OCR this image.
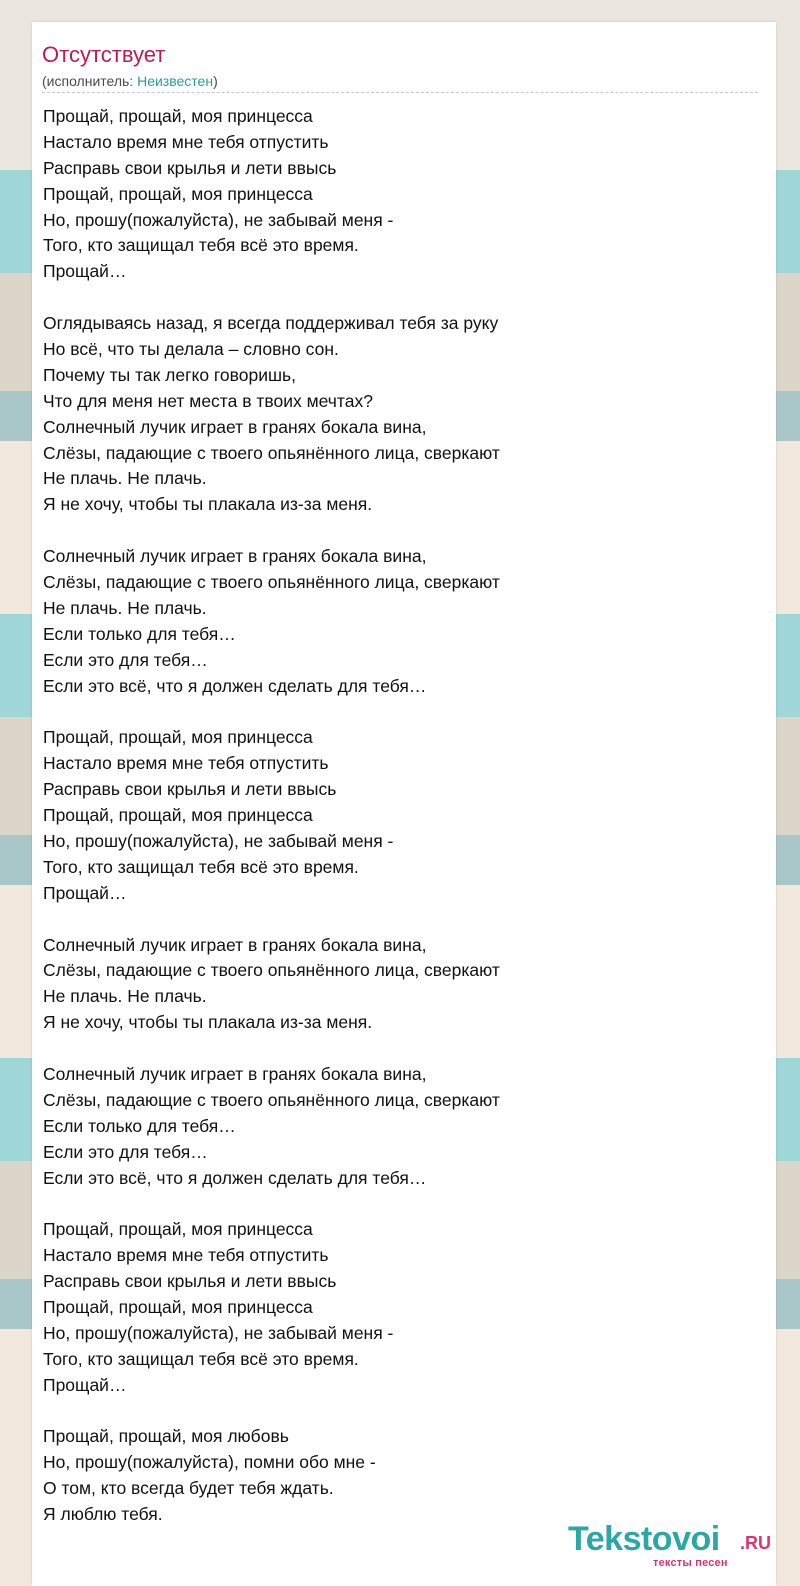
Отсутствует
(исполнитель: Неизвестен)
Прощай, прощай, моя принцесса
Настало время мне тебя отпустить
Расправь свои крылья и лети ввысь
Прощай, прощай, моя принцесса
Но, прошу(пожалуйста), не забывай меня -
Того, кто защищал тебя всё это время.
Прощай…
Оглядываясь назад, я всегда поддерживал тебя за руку
Но всё, что ты делала – словно сон.
Почему ты так легко говоришь,
Что для меня нет места в твоих мечтах?
Солнечный лучик играет в гранях бокала вина,
Слёзы, падающие с твоего опьянённого лица, сверкают
Не плачь. Не плачь.
Я не хочу, чтобы ты плакала из-за меня.
Солнечный лучик играет в гранях бокала вина,
Слёзы, падающие с твоего опьянённого лица, сверкают
Не плачь. Не плачь.
Если только для тебя…
Если это для тебя…
Если это всё, что я должен сделать для тебя…
Прощай, прощай, моя принцесса
Настало время мне тебя отпустить
Расправь свои крылья и лети ввысь
Прощай, прощай, моя принцесса
Но, прошу(пожалуйста), не забывай меня -
Того, кто защищал тебя всё это время.
Прощай…
Солнечный лучик играет в гранях бокала вина,
Слёзы, падающие с твоего опьянённого лица, сверкают
Не плачь. Не плачь.
Я не хочу, чтобы ты плакала из-за меня.
Солнечный лучик играет в гранях бокала вина,
Слёзы, падающие с твоего опьянённого лица, сверкают
Если только для тебя…
Если это для тебя…
Если это всё, что я должен сделать для тебя…
Прощай, прощай, моя принцесса
Настало время мне тебя отпустить
Расправь свои крылья и лети ввысь
Прощай, прощай, моя принцесса
Но, прошу(пожалуйста), не забывай меня -
Того, кто защищал тебя всё это время.
Прощай…
Прощай, прощай, моя любовь
Но, прошу(пожалуйста), помни обо мне -
О том, кто всегда будет тебя ждать.
Я люблю тебя.
Tekstovoi .RU
тексты песен
